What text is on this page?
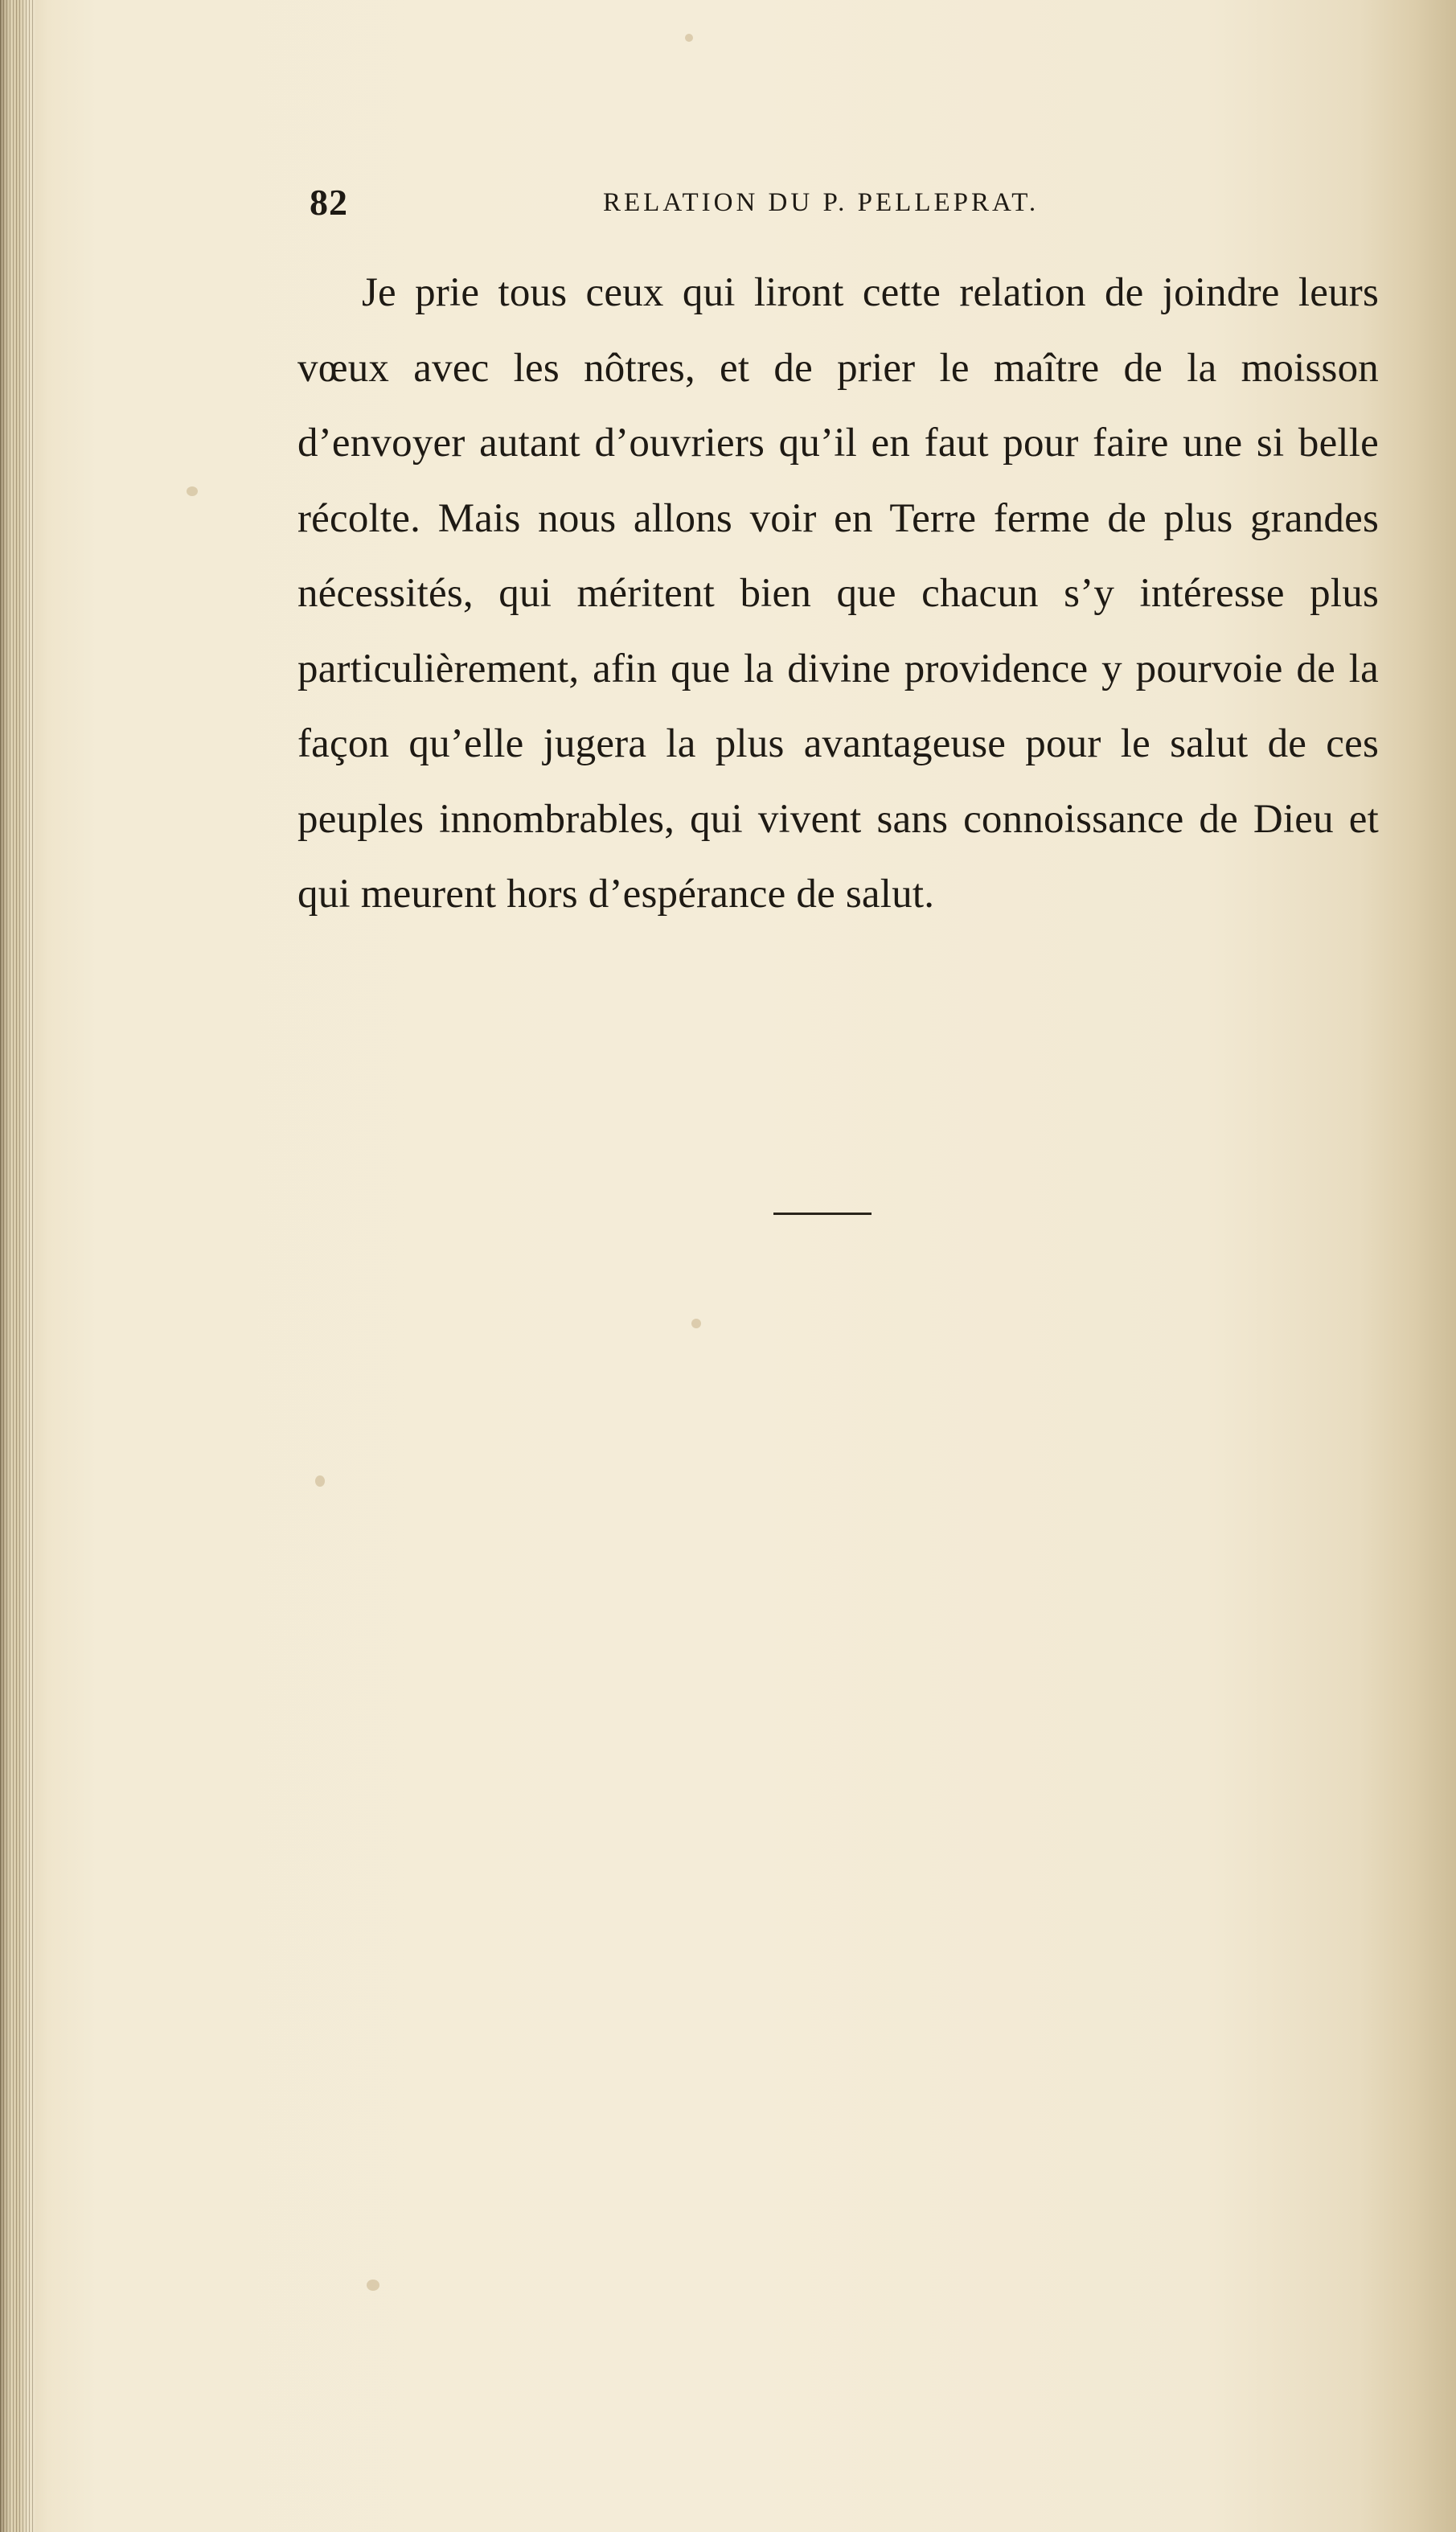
82	RELATION DU P. PELLEPRAT.

Je prie tous ceux qui liront cette relation de joindre leurs vœux avec les nôtres, et de prier le maître de la moisson d’envoyer autant d’ouvriers qu’il en faut pour faire une si belle récolte. Mais nous allons voir en Terre ferme de plus grandes nécessités, qui méritent bien que chacun s’y intéresse plus particulièrement, afin que la divine providence y pourvoie de la façon qu’elle jugera la plus avantageuse pour le salut de ces peuples innombrables, qui vivent sans connoissance de Dieu et qui meurent hors d’espérance de salut.
